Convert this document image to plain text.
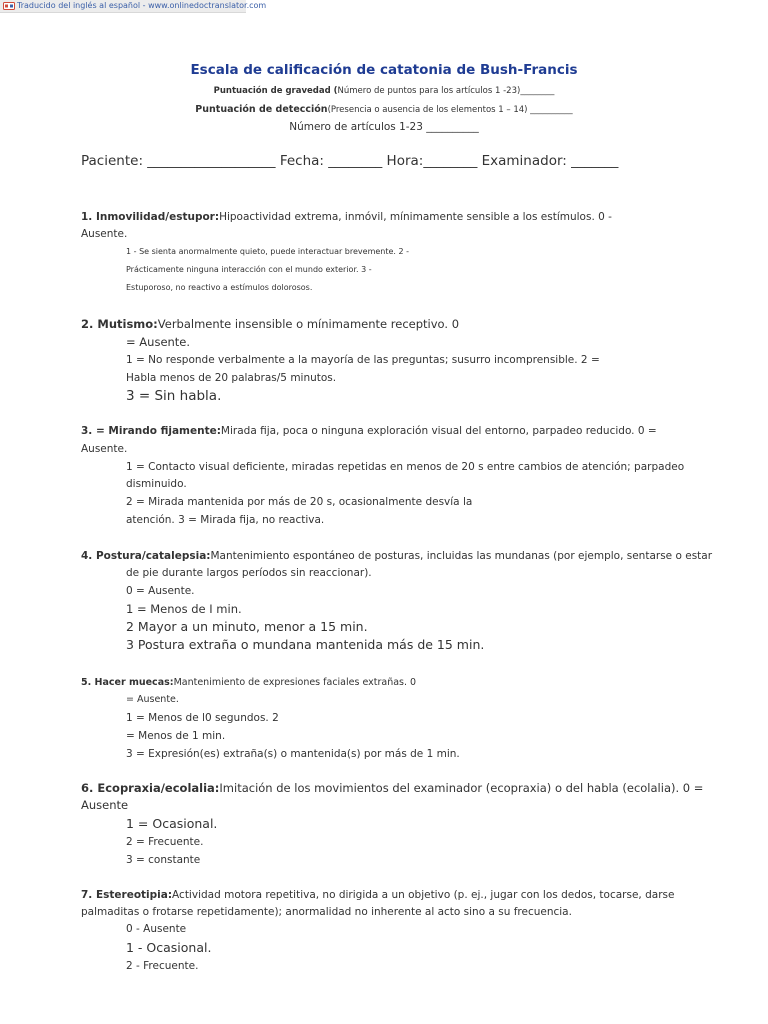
Traducido del inglés al español - www.onlinedoctranslator.com
Escala de calificación de catatonia de Bush-Francis
Puntuación de gravedad (Número de puntos para los artículos 1 -23)________
Puntuación de detección(Presencia o ausencia de los elementos 1 – 14) __________
Número de artículos 1-23 __________
Paciente: ___________________ Fecha: ________ Hora:________ Examinador: _______
1. Inmovilidad/estupor:Hipoactividad extrema, inmóvil, mínimamente sensible a los estímulos. 0 -
Ausente.
1 - Se sienta anormalmente quieto, puede interactuar brevemente. 2 -
Prácticamente ninguna interacción con el mundo exterior. 3 -
Estuporoso, no reactivo a estímulos dolorosos.
2. Mutismo:Verbalmente insensible o mínimamente receptivo. 0
= Ausente.
1 = No responde verbalmente a la mayoría de las preguntas; susurro incomprensible. 2 =
Habla menos de 20 palabras/5 minutos.
3 = Sin habla.
3. = Mirando fijamente:Mirada fija, poca o ninguna exploración visual del entorno, parpadeo reducido. 0 =
Ausente.
1 = Contacto visual deficiente, miradas repetidas en menos de 20 s entre cambios de atención; parpadeo
disminuido.
2 = Mirada mantenida por más de 20 s, ocasionalmente desvía la
atención. 3 = Mirada fija, no reactiva.
4. Postura/catalepsia:Mantenimiento espontáneo de posturas, incluidas las mundanas (por ejemplo, sentarse o estar
de pie durante largos períodos sin reaccionar).
0 = Ausente.
1 = Menos de I min.
2 Mayor a un minuto, menor a 15 min.
3 Postura extraña o mundana mantenida más de 15 min.
5. Hacer muecas:Mantenimiento de expresiones faciales extrañas. 0
= Ausente.
1 = Menos de l0 segundos. 2
= Menos de 1 min.
3 = Expresión(es) extraña(s) o mantenida(s) por más de 1 min.
6. Ecopraxia/ecolalia:Imitación de los movimientos del examinador (ecopraxia) o del habla (ecolalia). 0 =
Ausente
1 = Ocasional.
2 = Frecuente.
3 = constante
7. Estereotipia:Actividad motora repetitiva, no dirigida a un objetivo (p. ej., jugar con los dedos, tocarse, darse
palmaditas o frotarse repetidamente); anormalidad no inherente al acto sino a su frecuencia.
0 - Ausente
1 - Ocasional.
2 - Frecuente.
